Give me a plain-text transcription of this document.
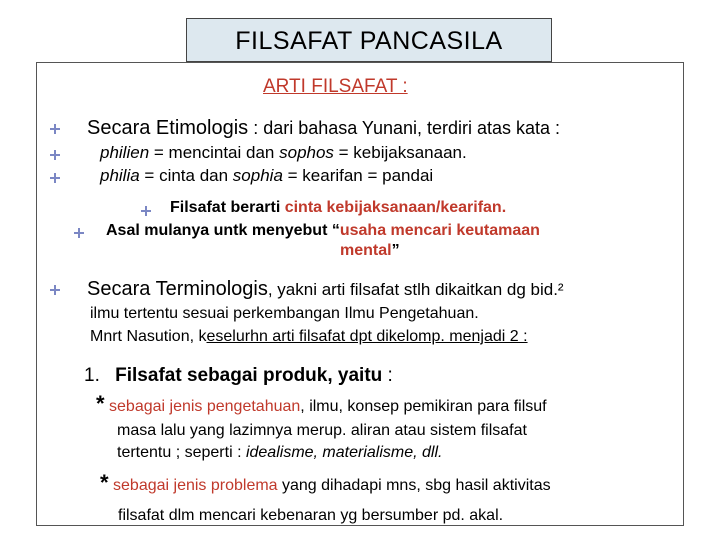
FILSAFAT PANCASILA
ARTI FILSAFAT :
Secara Etimologis : dari bahasa Yunani, terdiri atas kata :
philien = mencintai dan sophos = kebijaksanaan.
philia = cinta dan sophia = kearifan = pandai
Filsafat berarti cinta kebijaksanaan/kearifan.
Asal mulanya untk menyebut “usaha mencari keutamaan
mental”
Secara Terminologis, yakni arti filsafat stlh dikaitkan dg bid.²
ilmu tertentu sesuai perkembangan Ilmu Pengetahuan.
Mnrt Nasution, keselurhn arti filsafat dpt dikelomp. menjadi 2 :
1. Filsafat sebagai produk, yaitu :
* sebagai jenis pengetahuan, ilmu, konsep pemikiran para filsuf
masa lalu yang lazimnya merup. aliran atau sistem filsafat
tertentu ; seperti : idealisme, materialisme, dll.
* sebagai jenis problema yang dihadapi mns, sbg hasil aktivitas
filsafat dlm mencari kebenaran yg bersumber pd. akal.
